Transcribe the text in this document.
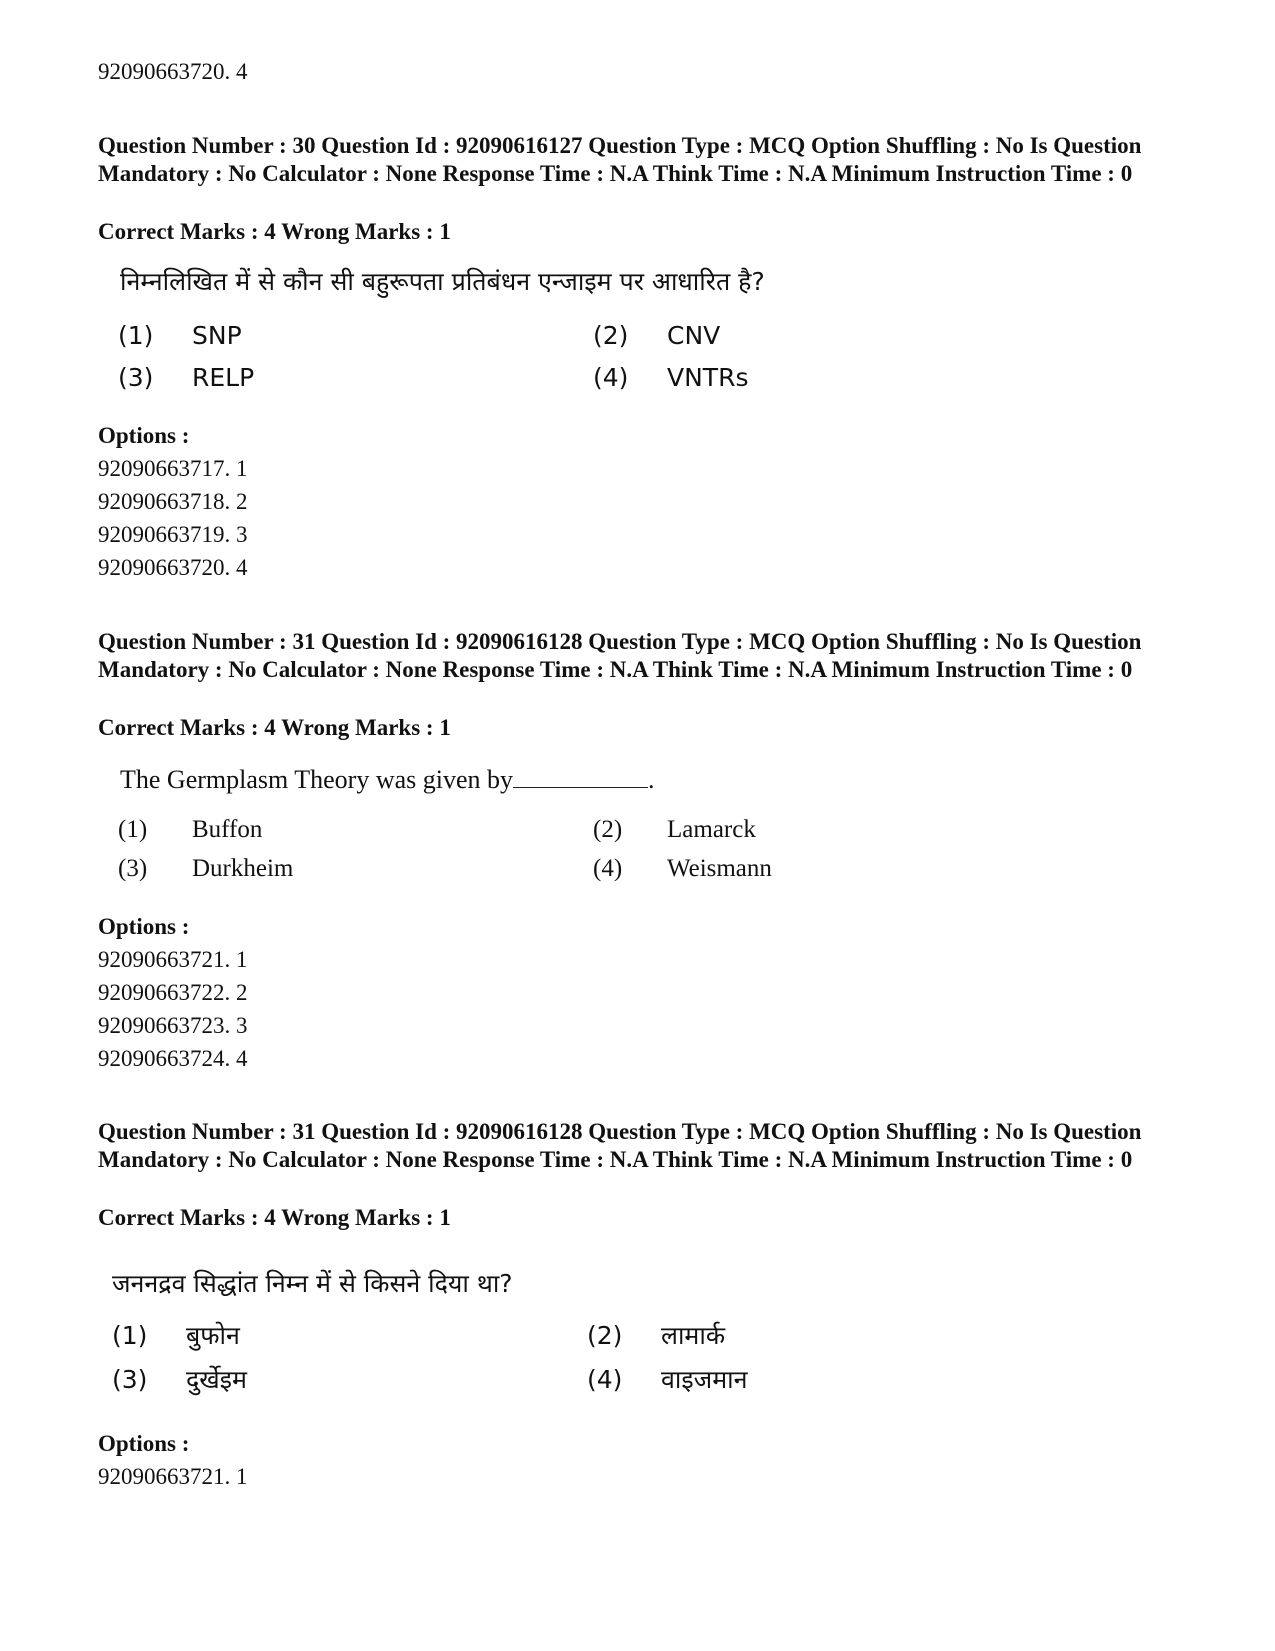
92090663720. 4
Question Number : 30 Question Id : 92090616127 Question Type : MCQ Option Shuffling : No Is Question Mandatory : No Calculator : None Response Time : N.A Think Time : N.A Minimum Instruction Time : 0
Correct Marks : 4 Wrong Marks : 1
निम्नलिखित में से कौन सी बहुरूपता प्रतिबंधन एन्जाइम पर आधारित है?
(1) SNP	(2) CNV
(3) RELP	(4) VNTRs
Options :
92090663717. 1
92090663718. 2
92090663719. 3
92090663720. 4
Question Number : 31 Question Id : 92090616128 Question Type : MCQ Option Shuffling : No Is Question Mandatory : No Calculator : None Response Time : N.A Think Time : N.A Minimum Instruction Time : 0
Correct Marks : 4 Wrong Marks : 1
The Germplasm Theory was given by	.
(1) Buffon	(2) Lamarck
(3) Durkheim	(4) Weismann
Options :
92090663721. 1
92090663722. 2
92090663723. 3
92090663724. 4
Question Number : 31 Question Id : 92090616128 Question Type : MCQ Option Shuffling : No Is Question Mandatory : No Calculator : None Response Time : N.A Think Time : N.A Minimum Instruction Time : 0
Correct Marks : 4 Wrong Marks : 1
जननद्रव सिद्धांत निम्न में से किसने दिया था?
(1) बुफोन	(2) लामार्क
(3) दुर्खेइम	(4) वाइजमान
Options :
92090663721. 1
